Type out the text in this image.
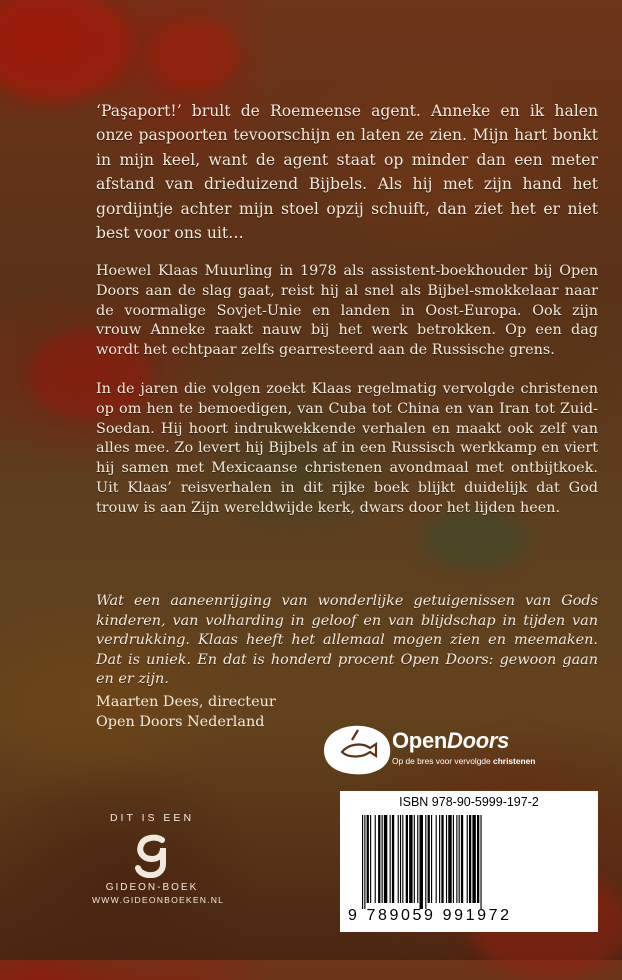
‘Paşaport!’ brult de Roemeense agent. Anneke en ik halen onze paspoorten tevoorschijn en laten ze zien. Mijn hart bonkt in mijn keel, want de agent staat op minder dan een meter afstand van drieduizend Bijbels. Als hij met zijn hand het gordijntje achter mijn stoel opzij schuift, dan ziet het er niet best voor ons uit…

Hoewel Klaas Muurling in 1978 als assistent-boekhouder bij Open Doors aan de slag gaat, reist hij al snel als Bijbel-smokkelaar naar de voormalige Sovjet-Unie en landen in Oost-Europa. Ook zijn vrouw Anneke raakt nauw bij het werk betrokken. Op een dag wordt het echtpaar zelfs gearresteerd aan de Russische grens.

In de jaren die volgen zoekt Klaas regelmatig vervolgde christenen op om hen te bemoedigen, van Cuba tot China en van Iran tot Zuid-Soedan. Hij hoort indrukwekkende verhalen en maakt ook zelf van alles mee. Zo levert hij Bijbels af in een Russisch werkkamp en viert hij samen met Mexicaanse christenen avondmaal met ontbijtkoek. Uit Klaas’ reisverhalen in dit rijke boek blijkt duidelijk dat God trouw is aan Zijn wereldwijde kerk, dwars door het lijden heen.

Wat een aaneenrijging van wonderlijke getuigenissen van Gods kinderen, van volharding in geloof en van blijdschap in tijden van verdrukking. Klaas heeft het allemaal mogen zien en meemaken. Dat is uniek. En dat is honderd procent Open Doors: gewoon gaan en er zijn.

Maarten Dees, directeur
Open Doors Nederland

OpenDoors
Op de bres voor vervolgde christenen
ISBN 978-90-5999-197-2
9 789059 991972
DIT IS EEN
GIDEON-BOEK
WWW.GIDEONBOEKEN.NL
